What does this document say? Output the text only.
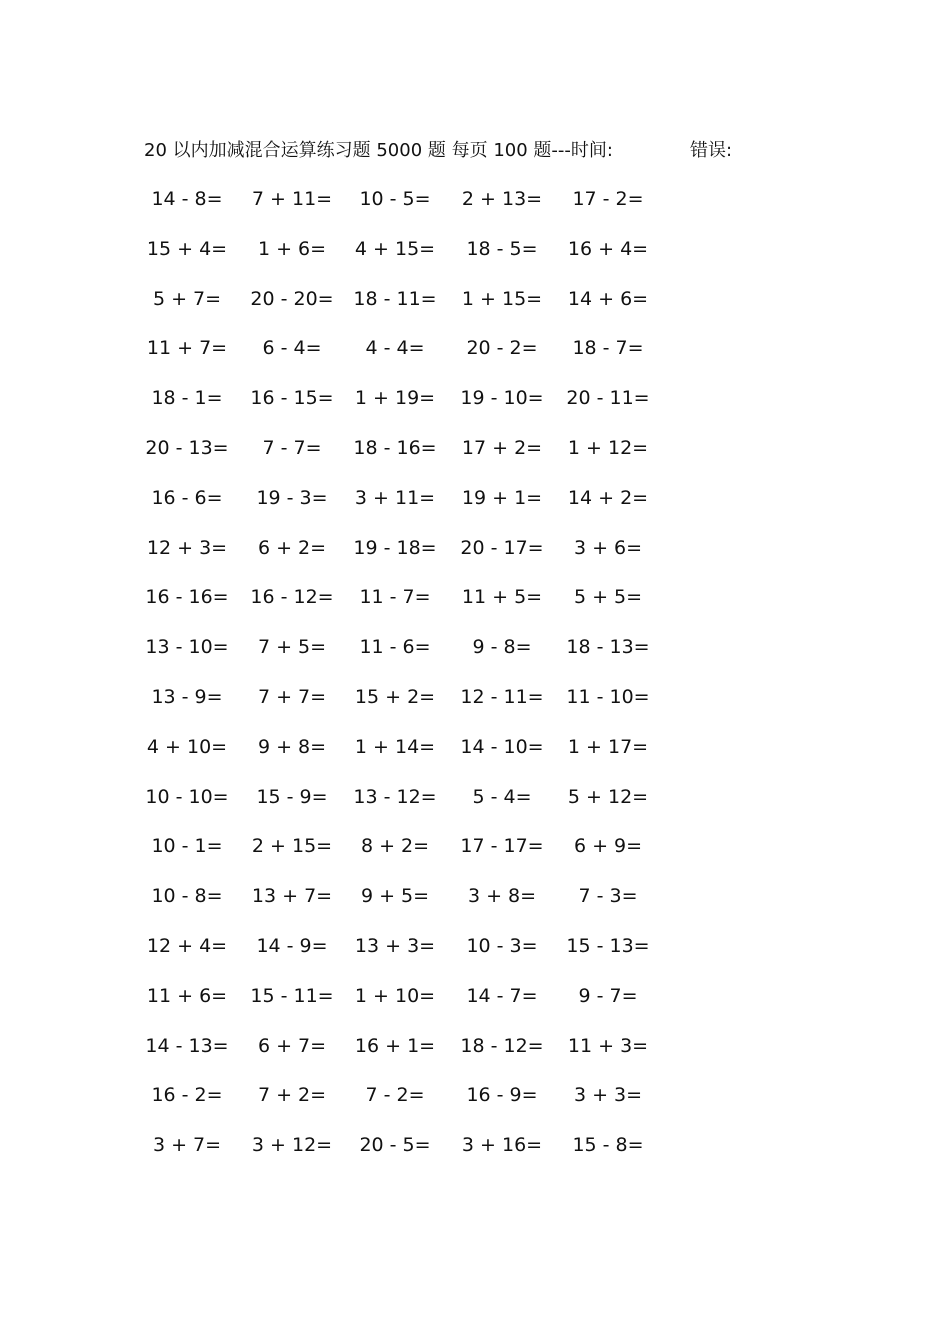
20 以内加减混合运算练习题 5000 题 每页 100 题---时间:	错误:
14 - 8=	7 + 11=	10 - 5=	2 + 13=	17 - 2=
15 + 4=	1 + 6=	4 + 15=	18 - 5=	16 + 4=
5 + 7=	20 - 20=	18 - 11=	1 + 15=	14 + 6=
11 + 7=	6 - 4=	4 - 4=	20 - 2=	18 - 7=
18 - 1=	16 - 15=	1 + 19=	19 - 10=	20 - 11=
20 - 13=	7 - 7=	18 - 16=	17 + 2=	1 + 12=
16 - 6=	19 - 3=	3 + 11=	19 + 1=	14 + 2=
12 + 3=	6 + 2=	19 - 18=	20 - 17=	3 + 6=
16 - 16=	16 - 12=	11 - 7=	11 + 5=	5 + 5=
13 - 10=	7 + 5=	11 - 6=	9 - 8=	18 - 13=
13 - 9=	7 + 7=	15 + 2=	12 - 11=	11 - 10=
4 + 10=	9 + 8=	1 + 14=	14 - 10=	1 + 17=
10 - 10=	15 - 9=	13 - 12=	5 - 4=	5 + 12=
10 - 1=	2 + 15=	8 + 2=	17 - 17=	6 + 9=
10 - 8=	13 + 7=	9 + 5=	3 + 8=	7 - 3=
12 + 4=	14 - 9=	13 + 3=	10 - 3=	15 - 13=
11 + 6=	15 - 11=	1 + 10=	14 - 7=	9 - 7=
14 - 13=	6 + 7=	16 + 1=	18 - 12=	11 + 3=
16 - 2=	7 + 2=	7 - 2=	16 - 9=	3 + 3=
3 + 7=	3 + 12=	20 - 5=	3 + 16=	15 - 8=
